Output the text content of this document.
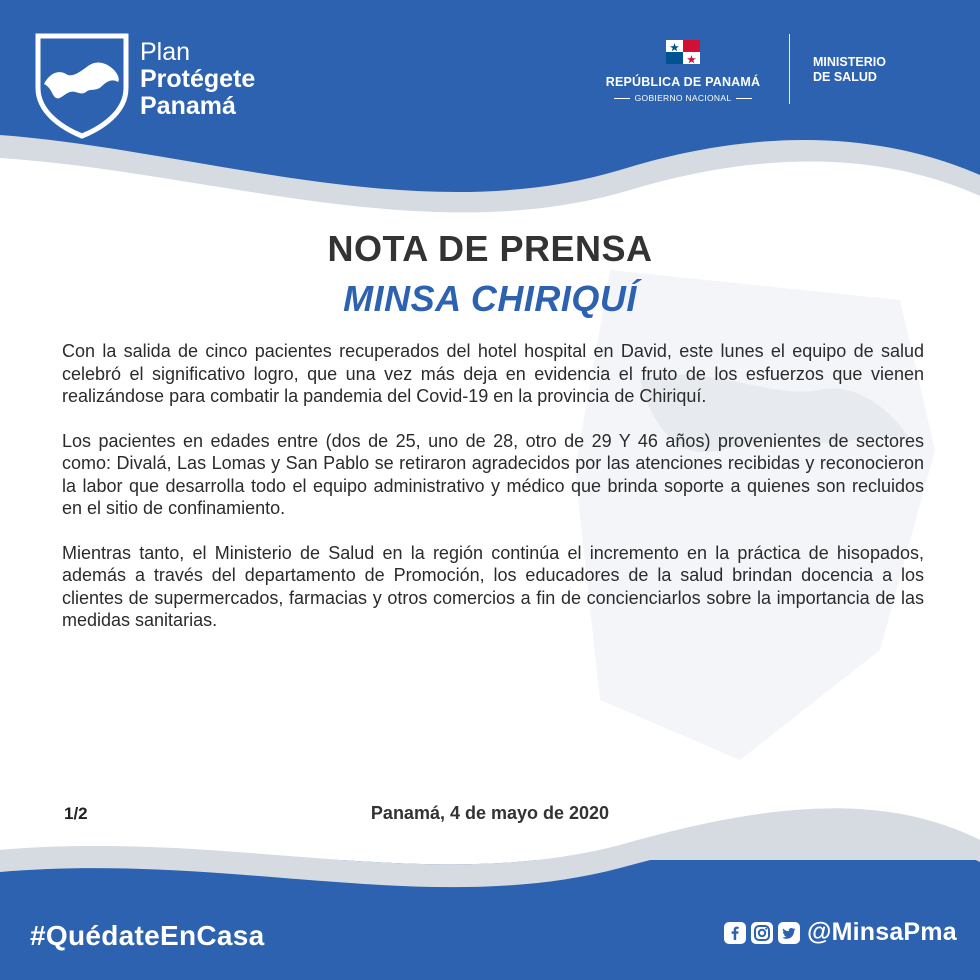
Plan
Protégete
Panamá
REPÚBLICA DE PANAMÁ
GOBIERNO NACIONAL
MINISTERIO
DE SALUD
NOTA DE PRENSA
MINSA CHIRIQUÍ

Con la salida de cinco pacientes recuperados del hotel hospital en David, este lunes el equipo de salud celebró el significativo logro, que una vez más deja en evidencia el fruto de los esfuerzos que vienen realizándose para combatir la pandemia del Covid-19 en la provincia de Chiriquí.

Los pacientes en edades entre (dos de 25, uno de 28, otro de 29 Y 46 años) provenientes de sectores como: Divalá, Las Lomas y San Pablo se retiraron agradecidos por las atenciones recibidas y reconocieron la labor que desarrolla todo el equipo administrativo y médico que brinda soporte a quienes son recluidos en el sitio de confinamiento.

Mientras tanto, el Ministerio de Salud en la región continúa el incremento en la práctica de hisopados, además a través del departamento de Promoción, los educadores de la salud brindan docencia a los clientes de supermercados, farmacias y otros comercios a fin de concienciarlos sobre la importancia de las medidas sanitarias.

1/2	Panamá, 4 de mayo de 2020
#QuédateEnCasa	@MinsaPma
